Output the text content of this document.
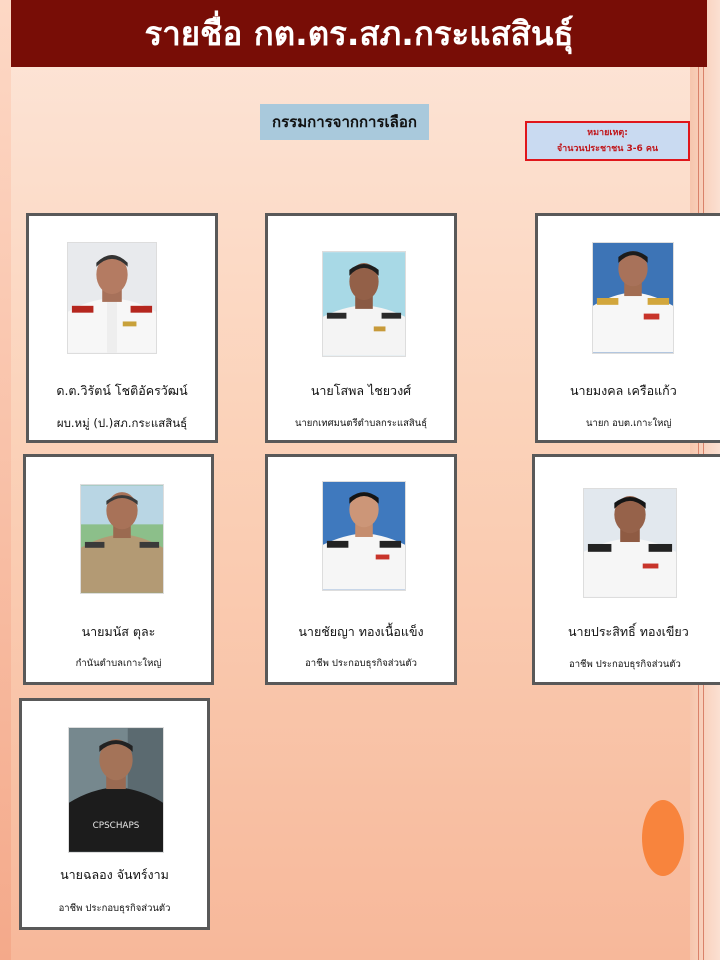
รายชื่อ กต.ตร.สภ.กระแสสินธุ์
กรรมการจากการเลือก
หมายเหตุ:
จำนวนประชาชน 3-6 คน
ด.ต.วิรัตน์ โชติอัครวัฒน์
ผบ.หมู่ (ป.)สภ.กระแสสินธุ์
นายโสพล ไชยวงศ์
นายกเทศมนตรีตำบลกระแสสินธุ์
นายมงคล เครือแก้ว
นายก อบต.เกาะใหญ่
นายมนัส ตุละ
กำนันตำบลเกาะใหญ่
นายชัยญา ทองเนื้อแข็ง
อาชีพ ประกอบธุรกิจส่วนตัว
นายประสิทธิ์ ทองเขียว
อาชีพ ประกอบธุรกิจส่วนตัว
CPSCHAPS
นายฉลอง จันทร์งาม
อาชีพ ประกอบธุรกิจส่วนตัว
